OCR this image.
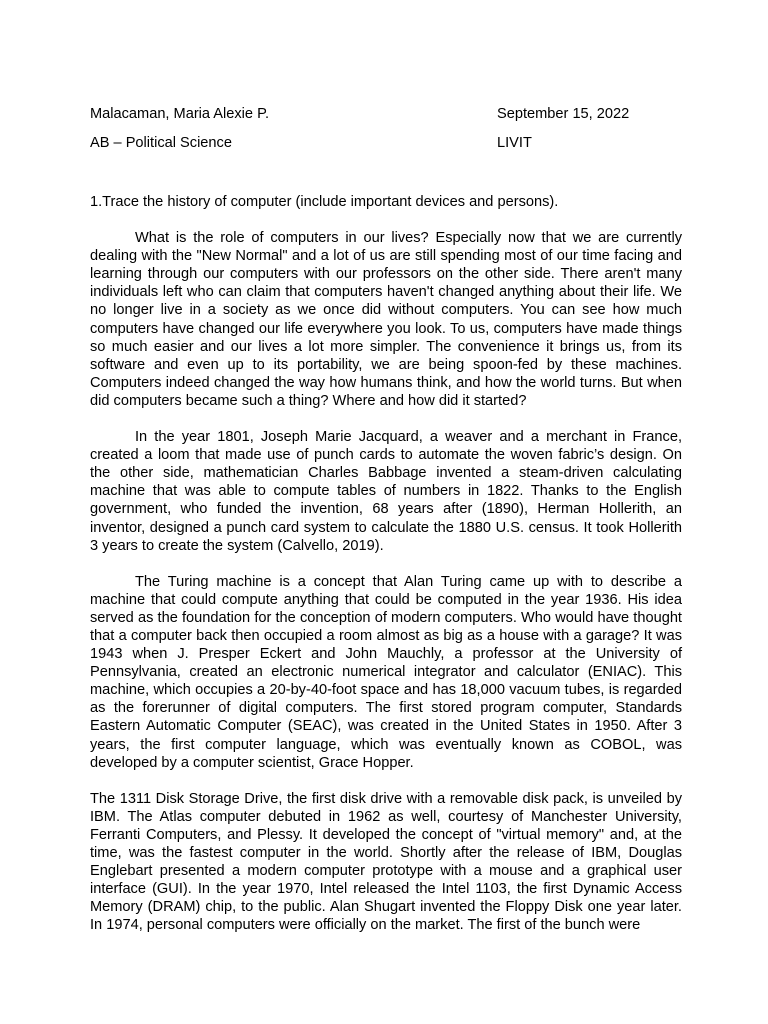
Malacaman, Maria Alexie P.	September 15, 2022
AB – Political Science	LIVIT

1.Trace the history of computer (include important devices and persons).

What is the role of computers in our lives? Especially now that we are currently dealing with the "New Normal" and a lot of us are still spending most of our time facing and learning through our computers with our professors on the other side. There aren't many individuals left who can claim that computers haven't changed anything about their life. We no longer live in a society as we once did without computers. You can see how much computers have changed our life everywhere you look. To us, computers have made things so much easier and our lives a lot more simpler. The convenience it brings us, from its software and even up to its portability, we are being spoon-fed by these machines. Computers indeed changed the way how humans think, and how the world turns. But when did computers became such a thing? Where and how did it started?

In the year 1801, Joseph Marie Jacquard, a weaver and a merchant in France, created a loom that made use of punch cards to automate the woven fabric’s design. On the other side, mathematician Charles Babbage invented a steam-driven calculating machine that was able to compute tables of numbers in 1822. Thanks to the English government, who funded the invention, 68 years after (1890), Herman Hollerith, an inventor, designed a punch card system to calculate the 1880 U.S. census. It took Hollerith 3 years to create the system (Calvello, 2019).

The Turing machine is a concept that Alan Turing came up with to describe a machine that could compute anything that could be computed in the year 1936. His idea served as the foundation for the conception of modern computers. Who would have thought that a computer back then occupied a room almost as big as a house with a garage? It was 1943 when J. Presper Eckert and John Mauchly, a professor at the University of Pennsylvania, created an electronic numerical integrator and calculator (ENIAC). This machine, which occupies a 20-by-40-foot space and has 18,000 vacuum tubes, is regarded as the forerunner of digital computers. The first stored program computer, Standards Eastern Automatic Computer (SEAC), was created in the United States in 1950. After 3 years, the first computer language, which was eventually known as COBOL, was developed by a computer scientist, Grace Hopper.

The 1311 Disk Storage Drive, the first disk drive with a removable disk pack, is unveiled by IBM. The Atlas computer debuted in 1962 as well, courtesy of Manchester University, Ferranti Computers, and Plessy. It developed the concept of "virtual memory" and, at the time, was the fastest computer in the world. Shortly after the release of IBM, Douglas Englebart presented a modern computer prototype with a mouse and a graphical user interface (GUI). In the year 1970, Intel released the Intel 1103, the first Dynamic Access Memory (DRAM) chip, to the public. Alan Shugart invented the Floppy Disk one year later. In 1974, personal computers were officially on the market. The first of the bunch were
